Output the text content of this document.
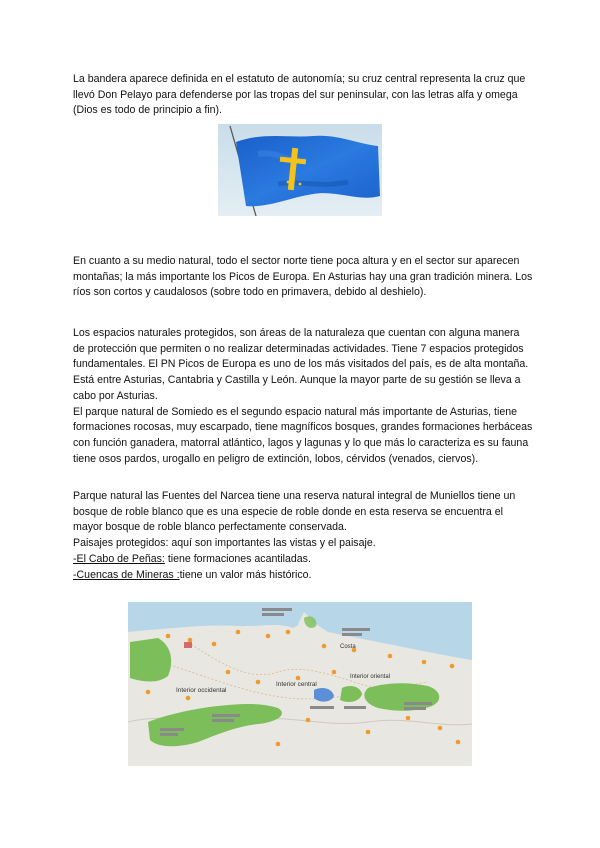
La bandera aparece definida en el estatuto de autonomía; su cruz central representa la cruz que llevó Don Pelayo para defenderse por las tropas del sur peninsular, con las letras alfa y omega (Dios es todo de principio a fin).

En cuanto a su medio natural, todo el sector norte tiene poca altura y en el sector sur aparecen montañas; la más importante los Picos de Europa. En Asturias hay una gran tradición minera. Los ríos son cortos y caudalosos (sobre todo en primavera, debido al deshielo).

Los espacios naturales protegidos, son áreas de la naturaleza que cuentan con alguna manera de protección que permiten o no realizar determinadas actividades. Tiene 7 espacios protegidos fundamentales. El PN Picos de Europa es uno de los más visitados del país, es de alta montaña. Está entre Asturias, Cantabria y Castilla y León. Aunque la mayor parte de su gestión se lleva a cabo por Asturias.

El parque natural de Somiedo es el segundo espacio natural más importante de Asturias, tiene formaciones rocosas, muy escarpado, tiene magníficos bosques, grandes formaciones herbáceas con función ganadera, matorral atlántico, lagos y lagunas y lo que más lo caracteriza es su fauna tiene osos pardos, urogallo en peligro de extinción, lobos, cérvidos (venados, ciervos).

Parque natural las Fuentes del Narcea tiene una reserva natural integral de Muniellos tiene un bosque de roble blanco que es una especie de roble donde en esta reserva se encuentra el mayor bosque de roble blanco perfectamente conservada.

Paisajes protegidos: aquí son importantes las vistas y el paisaje.

-El Cabo de Peñas: tiene formaciones acantiladas.

-Cuencas de Mineras :tiene un valor más histórico.

Costa
Interior central
Interior occidental
Interior oriental
